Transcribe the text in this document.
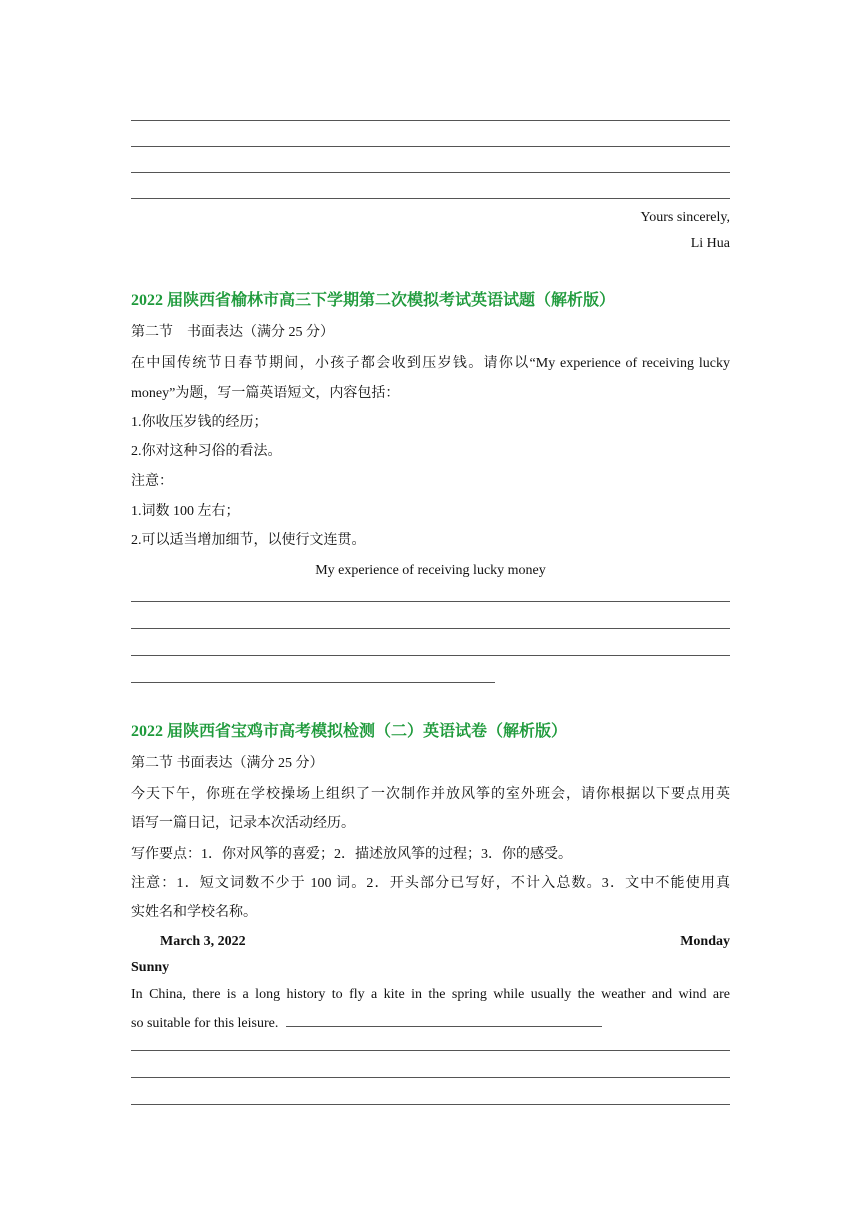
Yours sincerely,
Li Hua
2022 届陕西省榆林市高三下学期第二次模拟考试英语试题（解析版）
第二节　书面表达（满分 25 分）
在中国传统节日春节期间，小孩子都会收到压岁钱。请你以“My experience of receiving lucky
money”为题，写一篇英语短文，内容包括：
1.你收压岁钱的经历；
2.你对这种习俗的看法。
注意：
1.词数 100 左右；
2.可以适当增加细节，以使行文连贯。
My experience of receiving lucky money
2022 届陕西省宝鸡市高考模拟检测（二）英语试卷（解析版）
第二节 书面表达（满分 25 分）
今天下午，你班在学校操场上组织了一次制作并放风筝的室外班会，请你根据以下要点用英
语写一篇日记，记录本次活动经历。
写作要点：1．你对风筝的喜爱；2．描述放风筝的过程；3．你的感受。
注意：1．短文词数不少于 100 词。2．开头部分已写好，不计入总数。3．文中不能使用真
实姓名和学校名称。
March 3, 2022	Monday
Sunny
In China, there is a long history to fly a kite in the spring while usually the weather and wind are
so suitable for this leisure.
